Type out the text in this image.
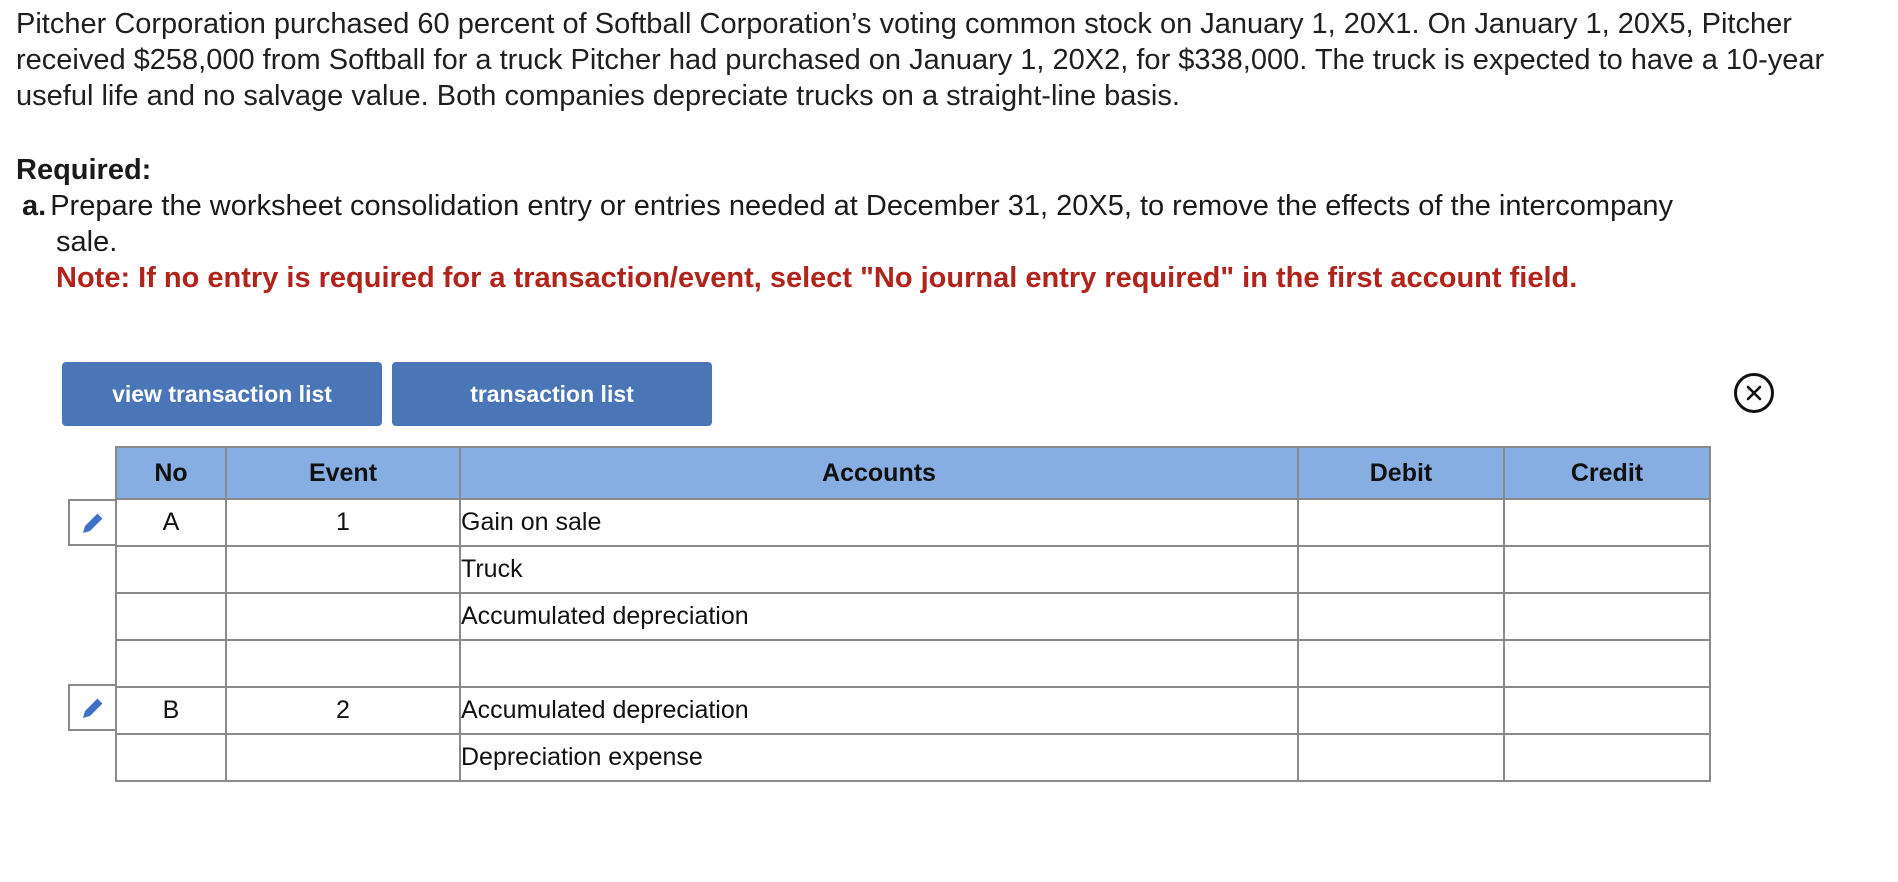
Pitcher Corporation purchased 60 percent of Softball Corporation’s voting common stock on January 1, 20X1. On January 1, 20X5, Pitcher received $258,000 from Softball for a truck Pitcher had purchased on January 1, 20X2, for $338,000. The truck is expected to have a 10-year useful life and no salvage value. Both companies depreciate trucks on a straight-line basis.
Required:
a. Prepare the worksheet consolidation entry or entries needed at December 31, 20X5, to remove the effects of the intercompany
sale.
Note: If no entry is required for a transaction/event, select "No journal entry required" in the first account field.
view transaction list	transaction list
No	Event	Accounts	Debit	Credit
A	1	Gain on sale		
		Truck		
		Accumulated depreciation		

B	2	Accumulated depreciation		
		Depreciation expense		
